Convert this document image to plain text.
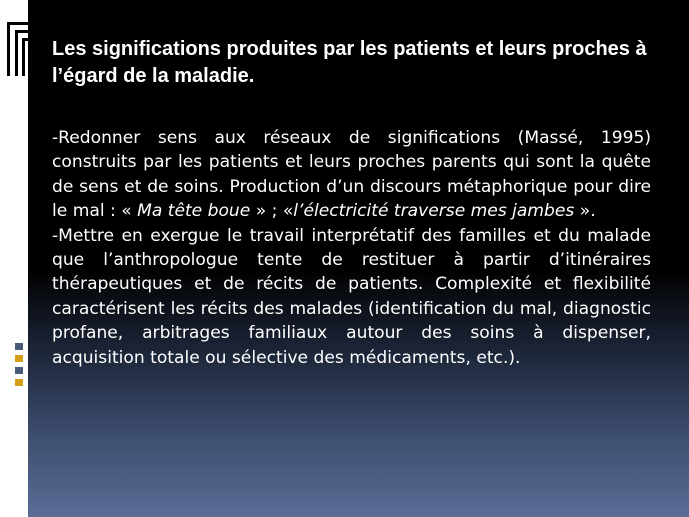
Les significations produites par les patients et leurs proches à l’égard de la maladie.

-Redonner sens aux réseaux de significations (Massé, 1995) construits par les patients et leurs proches parents qui sont la quête de sens et de soins. Production d’un discours métaphorique pour dire le mal : « Ma tête boue » ; «l’électricité traverse mes jambes ».

-Mettre en exergue le travail interprétatif des familles et du malade que l’anthropologue tente de restituer à partir d’itinéraires thérapeutiques et de récits de patients. Complexité et flexibilité caractérisent les récits des malades (identification du mal, diagnostic profane, arbitrages familiaux autour des soins à dispenser, acquisition totale ou sélective des médicaments, etc.).
